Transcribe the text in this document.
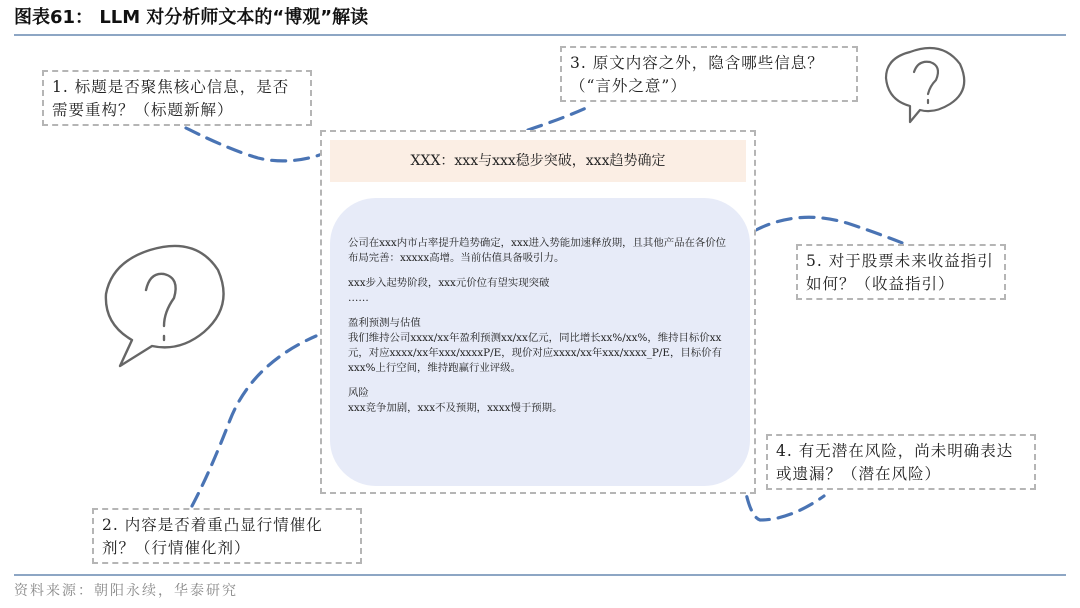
图表61： LLM 对分析师文本的“博观”解读
1. 标题是否聚焦核心信息，是否需要重构？（标题新解）
3. 原文内容之外，隐含哪些信息？（“言外之意”）
5. 对于股票未来收益指引如何？（收益指引）
4. 有无潜在风险，尚未明确表达或遗漏？（潜在风险）
2. 内容是否着重凸显行情催化剂？（行情催化剂）
XXX：xxx与xxx稳步突破，xxx趋势确定

公司在xxx内市占率提升趋势确定，xxx进入势能加速释放期，且其他产品在各价位布局完善：xxxxx高增。当前估值具备吸引力。

xxx步入起势阶段，xxx元价位有望实现突破
……

盈利预测与估值
我们维持公司xxxx/xx年盈利预测xx/xx亿元，同比增长xx%/xx%，维持目标价xx元，对应xxxx/xx年xxx/xxxxP/E，现价对应xxxx/xx年xxx/xxxx_P/E，目标价有xxx%上行空间，维持跑赢行业评级。

风险
xxx竞争加剧，xxx不及预期，xxxx慢于预期。

资料来源：朝阳永续，华泰研究
